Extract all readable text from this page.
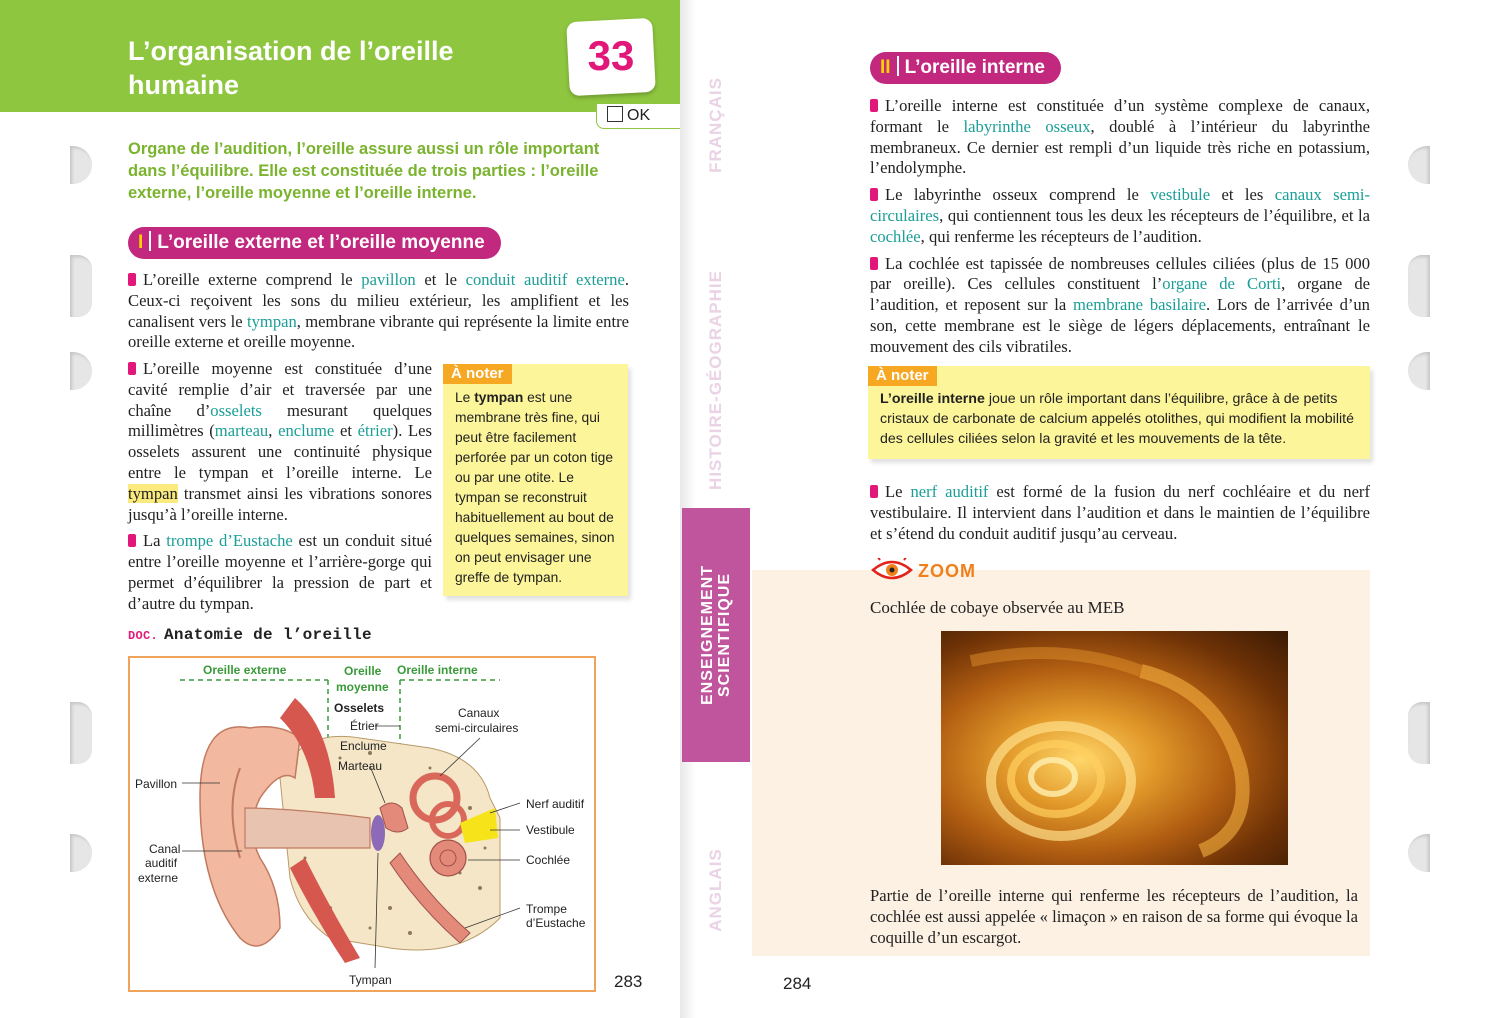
L’organisation de l’oreille humaine
33
OK
Organe de l’audition, l’oreille assure aussi un rôle important dans l’équilibre. Elle est constituée de trois parties : l’oreille externe, l’oreille moyenne et l’oreille interne.
I L’oreille externe et l’oreille moyenne

L’oreille externe comprend le pavillon et le conduit auditif externe. Ceux-ci reçoivent les sons du milieu extérieur, les amplifient et les canalisent vers le tympan, membrane vibrante qui représente la limite entre oreille externe et oreille moyenne.

L’oreille moyenne est constituée d’une cavité remplie d’air et traversée par une chaîne d’osselets mesurant quelques millimètres (marteau, enclume et étrier). Les osselets assurent une continuité physique entre le tympan et l’oreille interne. Le tympan transmet ainsi les vibrations sonores jusqu’à l’oreille interne.

La trompe d’Eustache est un conduit situé entre l’oreille moyenne et l’arrière-gorge qui permet d’équilibrer la pression de part et d’autre du tympan.

À noter
Le tympan est une membrane très fine, qui peut être facilement perforée par un coton tige ou par une otite. Le tympan se reconstruit habituellement au bout de quelques semaines, sinon on peut envisager une greffe de tympan.
DOC. Anatomie de l’oreille
Oreille externe	Oreille
moyenne
Oreille interne
Osselets
Étrier
Enclume
Marteau
Canaux
semi-circulaires
Pavillon
Canal
auditif
externe
Nerf auditif
Vestibule
Cochlée
Trompe
d’Eustache
Tympan	283
FRANÇAIS
HISTOIRE-GÉOGRAPHIE
ENSEIGNEMENT
SCIENTIFIQUE
ANGLAIS
II L’oreille interne

L’oreille interne est constituée d’un système complexe de canaux, formant le labyrinthe osseux, doublé à l’intérieur du labyrinthe membraneux. Ce dernier est rempli d’un liquide très riche en potassium, l’endolymphe.

Le labyrinthe osseux comprend le vestibule et les canaux semi-circulaires, qui contiennent tous les deux les récepteurs de l’équilibre, et la cochlée, qui renferme les récepteurs de l’audition.

La cochlée est tapissée de nombreuses cellules ciliées (plus de 15 000 par oreille). Ces cellules constituent l’organe de Corti, organe de l’audition, et reposent sur la membrane basilaire. Lors de l’arrivée d’un son, cette membrane est le siège de légers déplacements, entraînant le mouvement des cils vibratiles.

À noter
L’oreille interne joue un rôle important dans l’équilibre, grâce à de petits cristaux de carbonate de calcium appelés otolithes, qui modifient la mobilité des cellules ciliées selon la gravité et les mouvements de la tête.

Le nerf auditif est formé de la fusion du nerf cochléaire et du nerf vestibulaire. Il intervient dans l’audition et dans le maintien de l’équilibre et s’étend du conduit auditif jusqu’au cerveau.

ZOOM
Cochlée de cobaye observée au MEB
Partie de l’oreille interne qui renferme les récepteurs de l’audition, la cochlée est aussi appelée « limaçon » en raison de sa forme qui évoque la coquille d’un escargot.
284
